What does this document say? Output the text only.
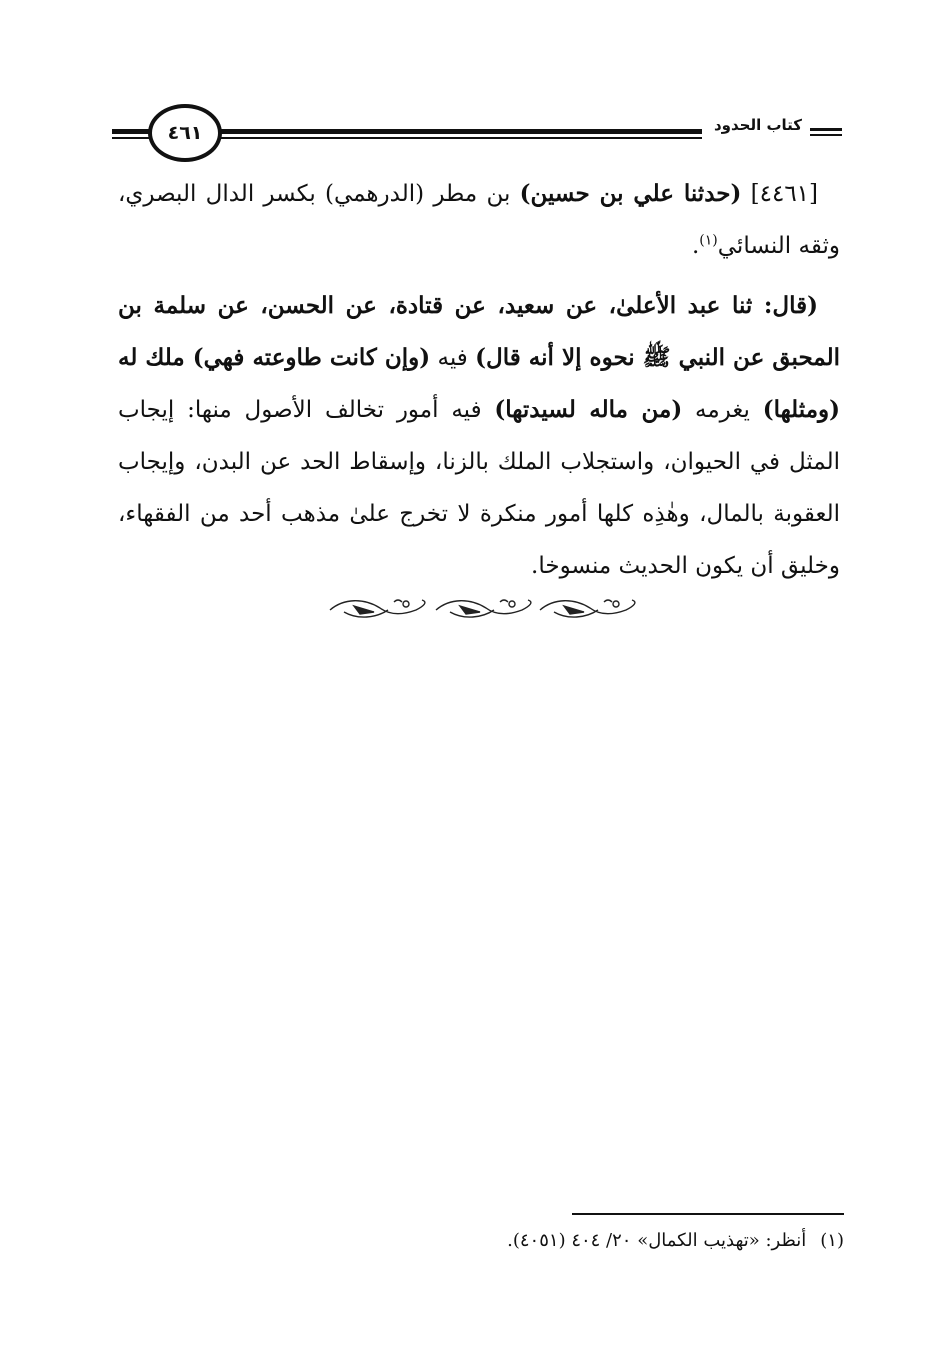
كتاب الحدود
٤٦١

[٤٤٦١] (حدثنا علي بن حسين) بن مطر (الدرهمي) بكسر الدال البصري، وثقه النسائي$^{(١)}$.

(قال: ثنا عبد الأعلىٰ، عن سعيد، عن قتادة، عن الحسن، عن سلمة بن المحبق عن النبي ﷺ نحوه إلا أنه قال) فيه (وإن كانت طاوعته فهي) ملك له (ومثلها) يغرمه (من ماله لسيدتها) فيه أمور تخالف الأصول منها: إيجاب المثل في الحيوان، واستجلاب الملك بالزنا، وإسقاط الحد عن البدن، وإيجاب العقوبة بالمال، وهٰذِه كلها أمور منكرة لا تخرج علىٰ مذهب أحد من الفقهاء، وخليق أن يكون الحديث منسوخا.

(١)أنظر: «تهذيب الكمال» ٢٠/ ٤٠٤ (٤٠٥١).
